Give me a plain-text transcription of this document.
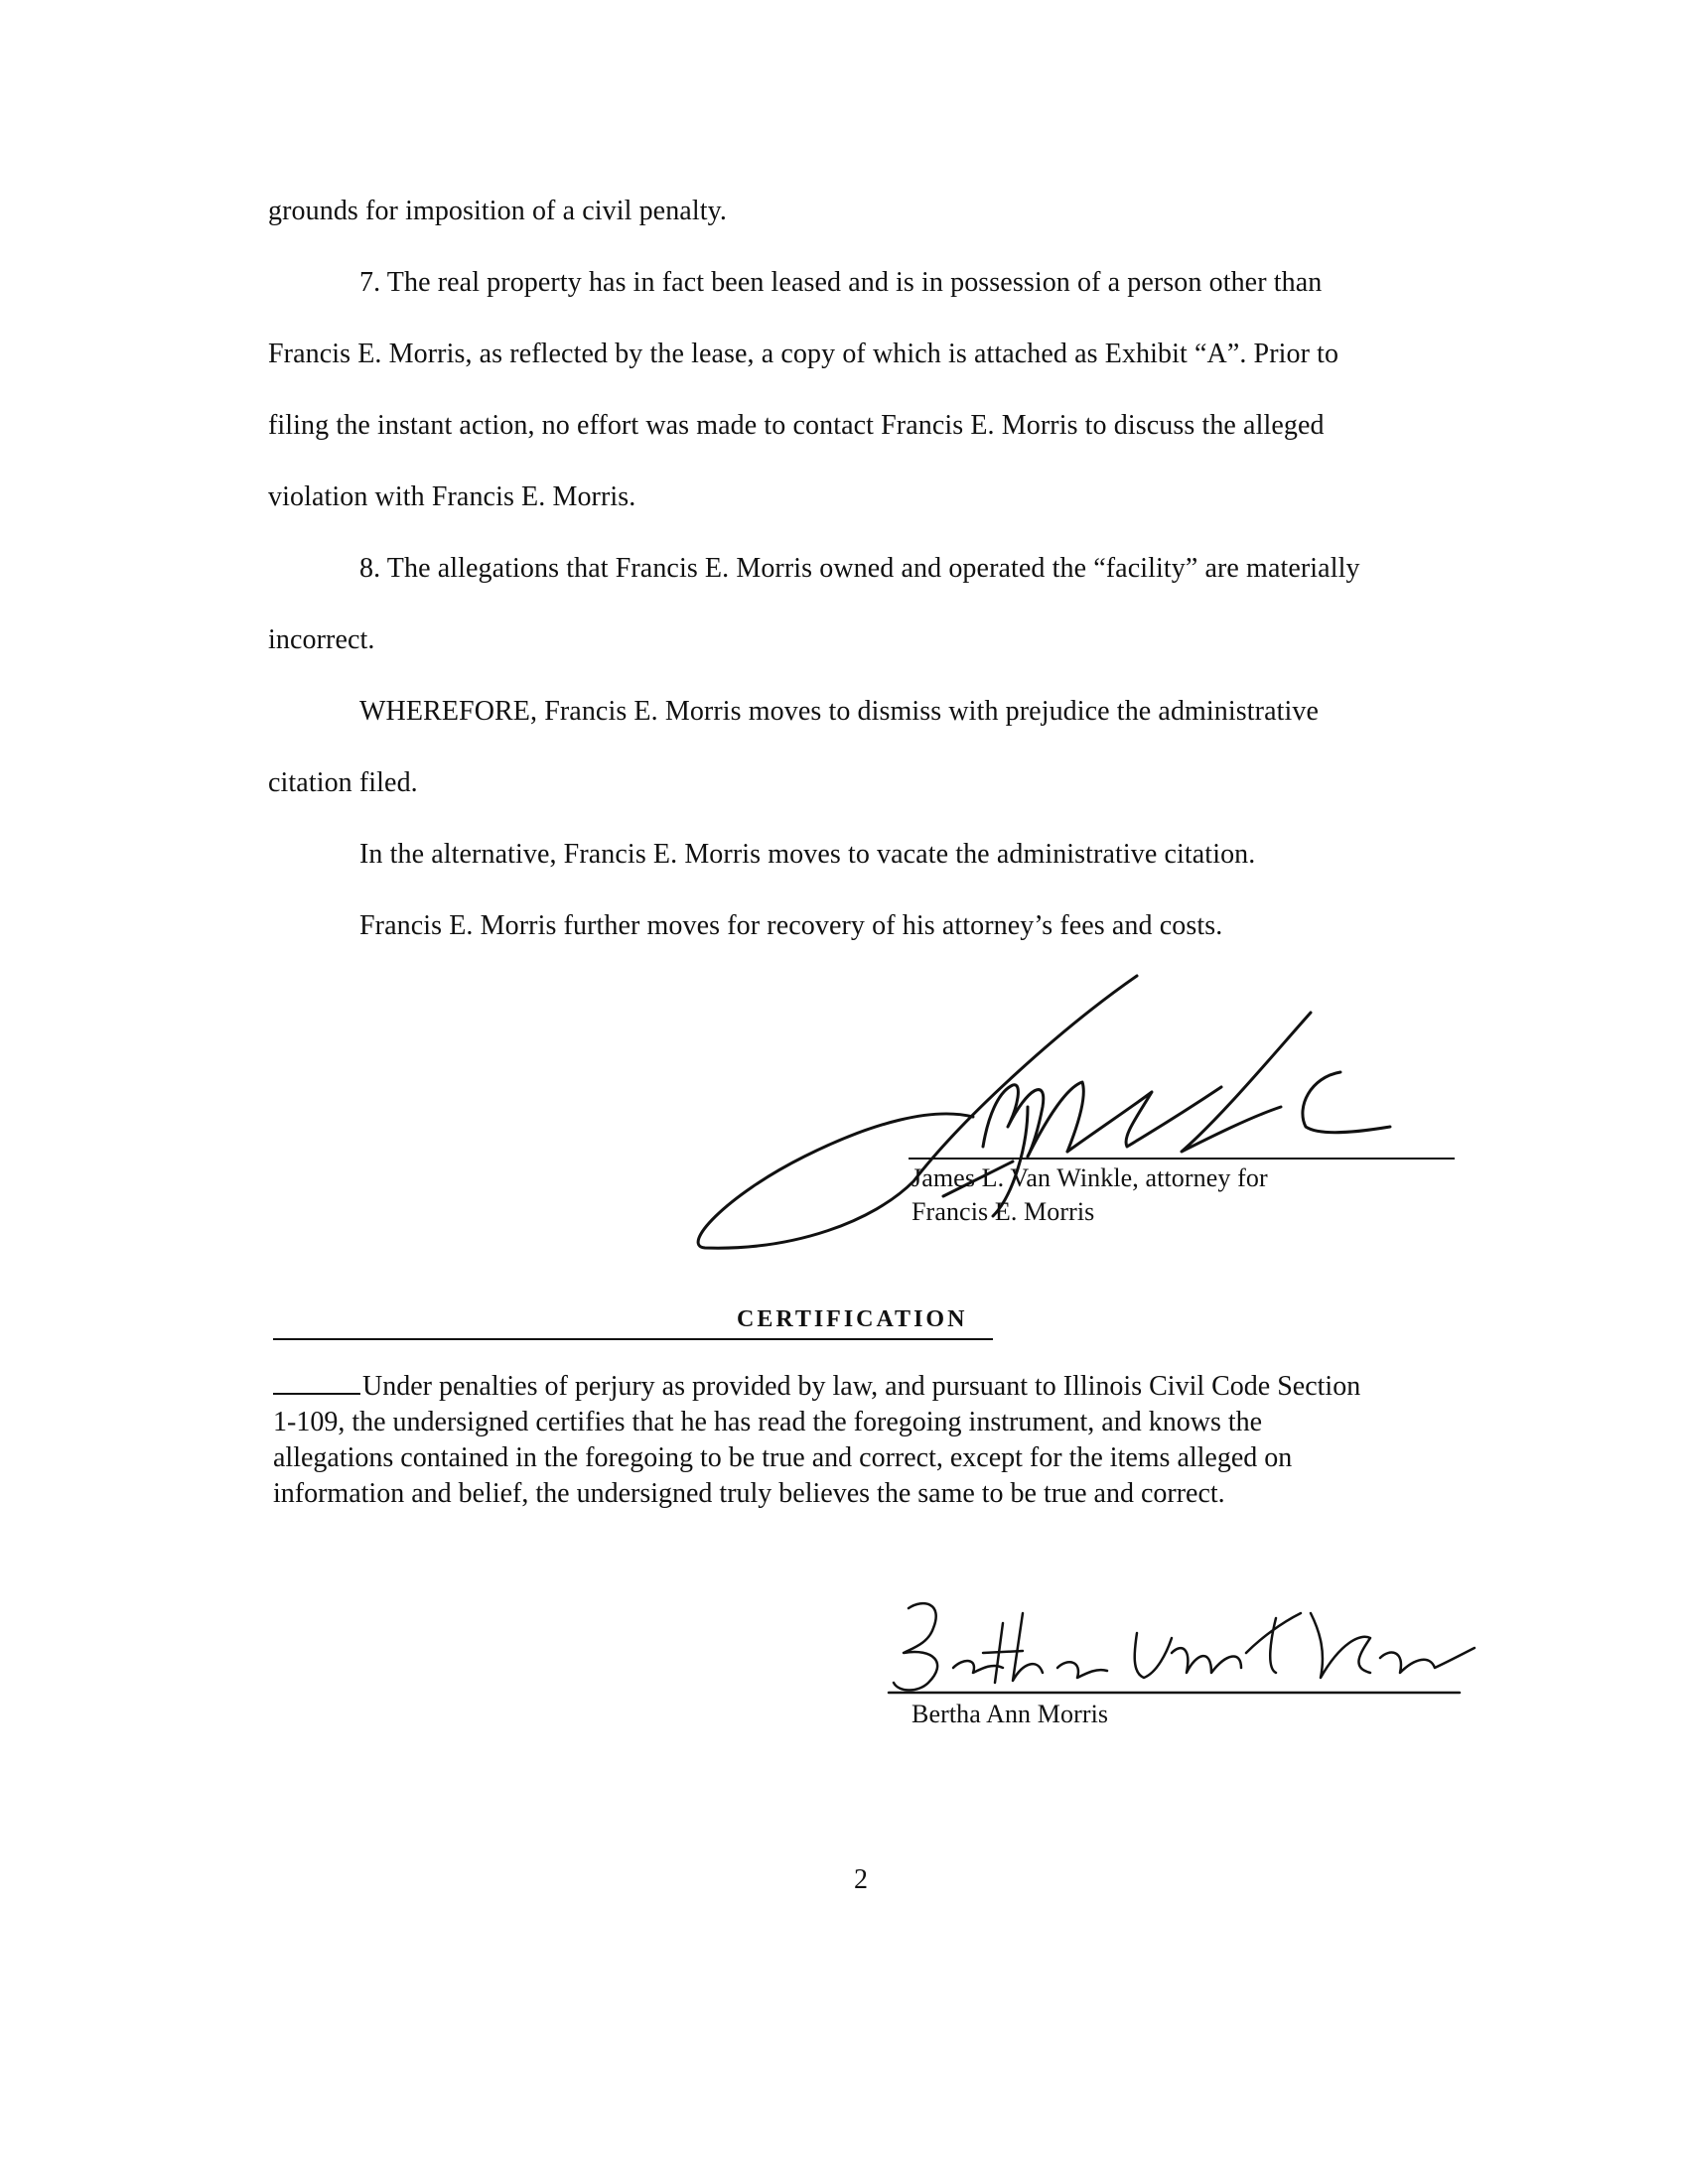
grounds for imposition of a civil penalty.
7. The real property has in fact been leased and is in possession of a person other than
Francis E. Morris, as reflected by the lease, a copy of which is attached as Exhibit “A”. Prior to
filing the instant action, no effort was made to contact Francis E. Morris to discuss the alleged
violation with Francis E. Morris.
8. The allegations that Francis E. Morris owned and operated the “facility” are materially
incorrect.
WHEREFORE, Francis E. Morris moves to dismiss with prejudice the administrative
citation filed.
In the alternative, Francis E. Morris moves to vacate the administrative citation.
Francis E. Morris further moves for recovery of his attorney’s fees and costs.
James L. Van Winkle, attorney for
Francis E. Morris
CERTIFICATION
Under penalties of perjury as provided by law, and pursuant to Illinois Civil Code Section
1-109, the undersigned certifies that he has read the foregoing instrument, and knows the
allegations contained in the foregoing to be true and correct, except for the items alleged on
information and belief, the undersigned truly believes the same to be true and correct.
Bertha Ann Morris
2
